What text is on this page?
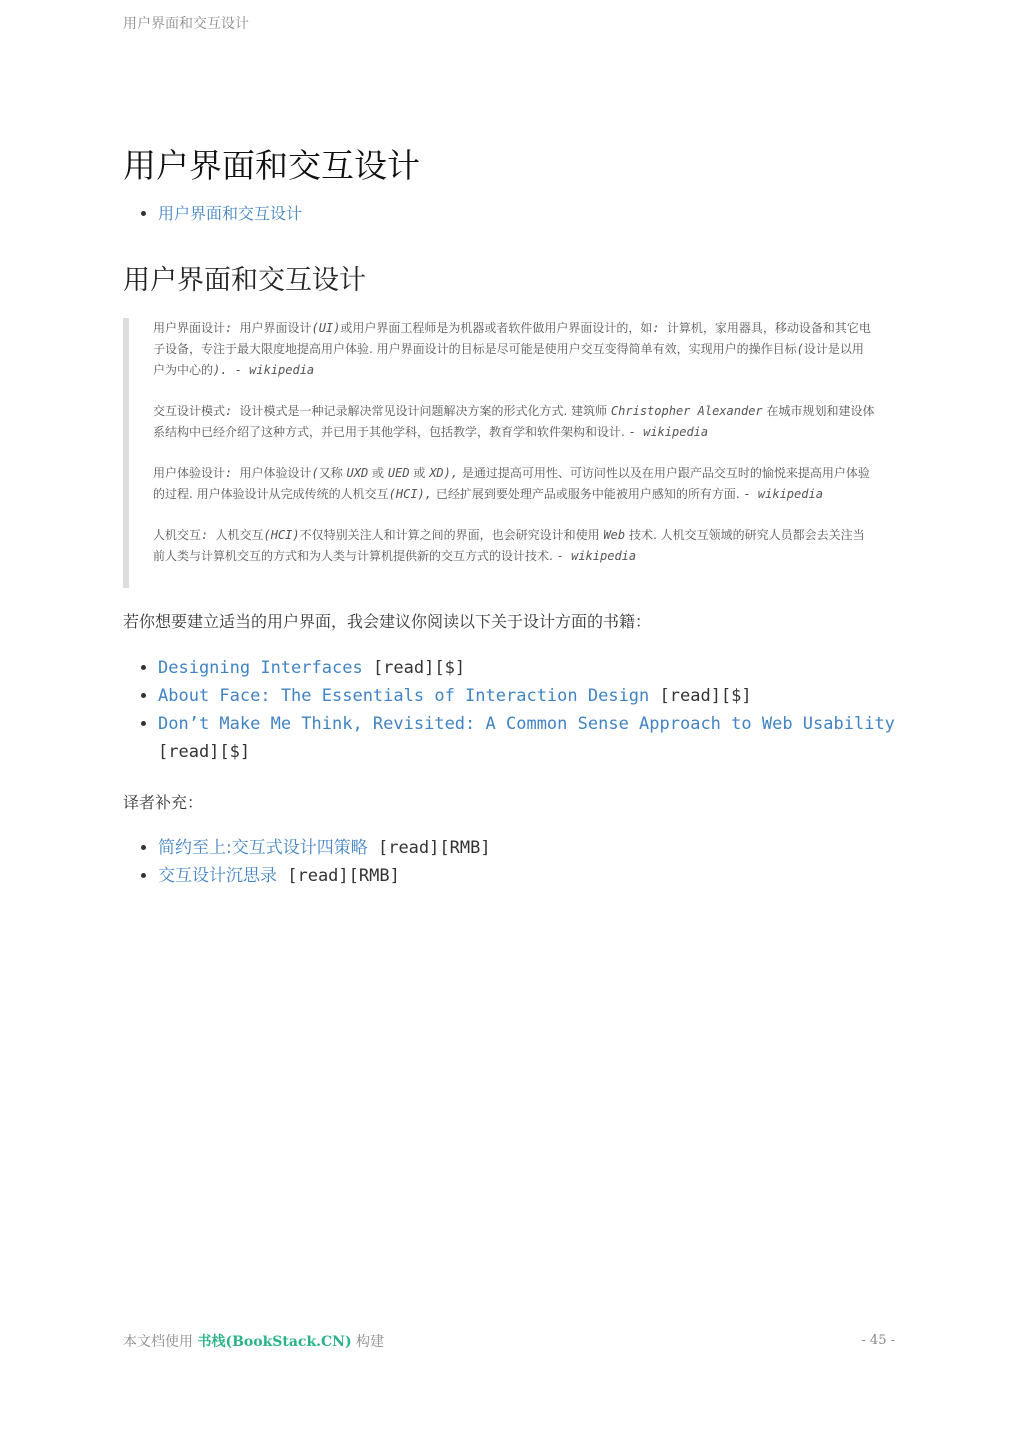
用户界面和交互设计
用户界面和交互设计
• 用户界面和交互设计
用户界面和交互设计

用户界面设计: 用户界面设计(UI)或用户界面工程师是为机器或者软件做用户界面设计的，如: 计算机，家用器具，移动设备和其它电子设备，专注于最大限度地提高用户体验. 用户界面设计的目标是尽可能是使用户交互变得简单有效，实现用户的操作目标(设计是以用户为中心的). - wikipedia

交互设计模式: 设计模式是一种记录解决常见设计问题解决方案的形式化方式. 建筑师 Christopher Alexander 在城市规划和建设体系结构中已经介绍了这种方式，并已用于其他学科，包括教学，教育学和软件架构和设计. - wikipedia

用户体验设计: 用户体验设计(又称 UXD 或 UED 或 XD), 是通过提高可用性、可访问性以及在用户跟产品交互时的愉悦来提高用户体验的过程. 用户体验设计从完成传统的人机交互(HCI), 已经扩展到要处理产品或服务中能被用户感知的所有方面. - wikipedia

人机交互: 人机交互(HCI)不仅特别关注人和计算之间的界面，也会研究设计和使用 Web 技术. 人机交互领域的研究人员都会去关注当前人类与计算机交互的方式和为人类与计算机提供新的交互方式的设计技术. - wikipedia

若你想要建立适当的用户界面，我会建议你阅读以下关于设计方面的书籍：

• Designing Interfaces [read][$]
• About Face: The Essentials of Interaction Design [read][$]
• Don’t Make Me Think, Revisited: A Common Sense Approach to Web Usability [read][$]

译者补充：

• 简约至上:交互式设计四策略 [read][RMB]
• 交互设计沉思录 [read][RMB]
本文档使用 书栈(BookStack.CN) 构建	- 45 -
